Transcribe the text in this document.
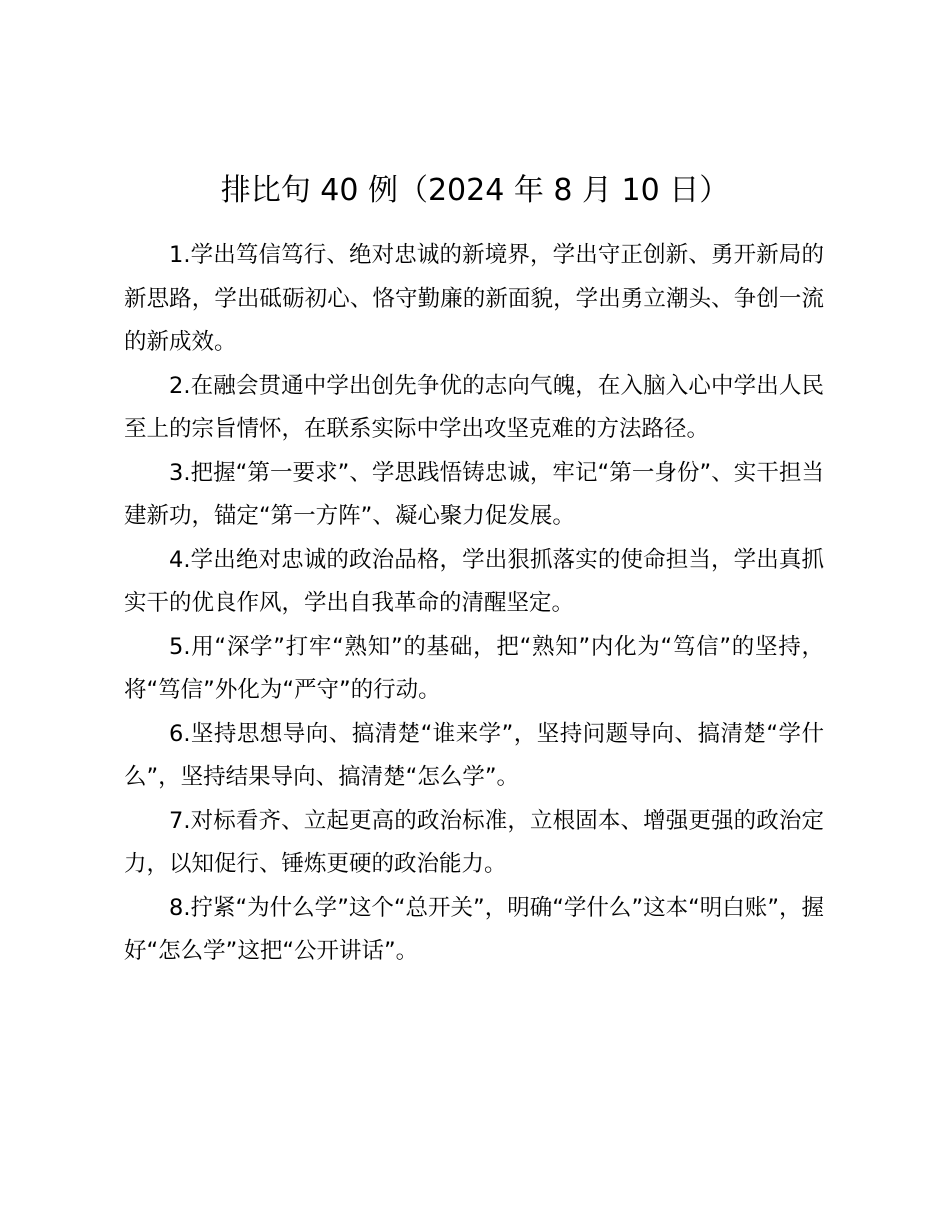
排比句 40 例（2024 年 8 月 10 日）

1.学出笃信笃行、绝对忠诚的新境界，学出守正创新、勇开新局的新思路，学出砥砺初心、恪守勤廉的新面貌，学出勇立潮头、争创一流的新成效。

2.在融会贯通中学出创先争优的志向气魄，在入脑入心中学出人民至上的宗旨情怀，在联系实际中学出攻坚克难的方法路径。

3.把握“第一要求”、学思践悟铸忠诚，牢记“第一身份”、实干担当建新功，锚定“第一方阵”、凝心聚力促发展。

4.学出绝对忠诚的政治品格，学出狠抓落实的使命担当，学出真抓实干的优良作风，学出自我革命的清醒坚定。

5.用“深学”打牢“熟知”的基础，把“熟知”内化为“笃信”的坚持，将“笃信”外化为“严守”的行动。

6.坚持思想导向、搞清楚“谁来学”，坚持问题导向、搞清楚“学什么”，坚持结果导向、搞清楚“怎么学”。

7.对标看齐、立起更高的政治标准，立根固本、增强更强的政治定力，以知促行、锤炼更硬的政治能力。

8.拧紧“为什么学”这个“总开关”，明确“学什么”这本“明白账”，握好“怎么学”这把“公开讲话”。
